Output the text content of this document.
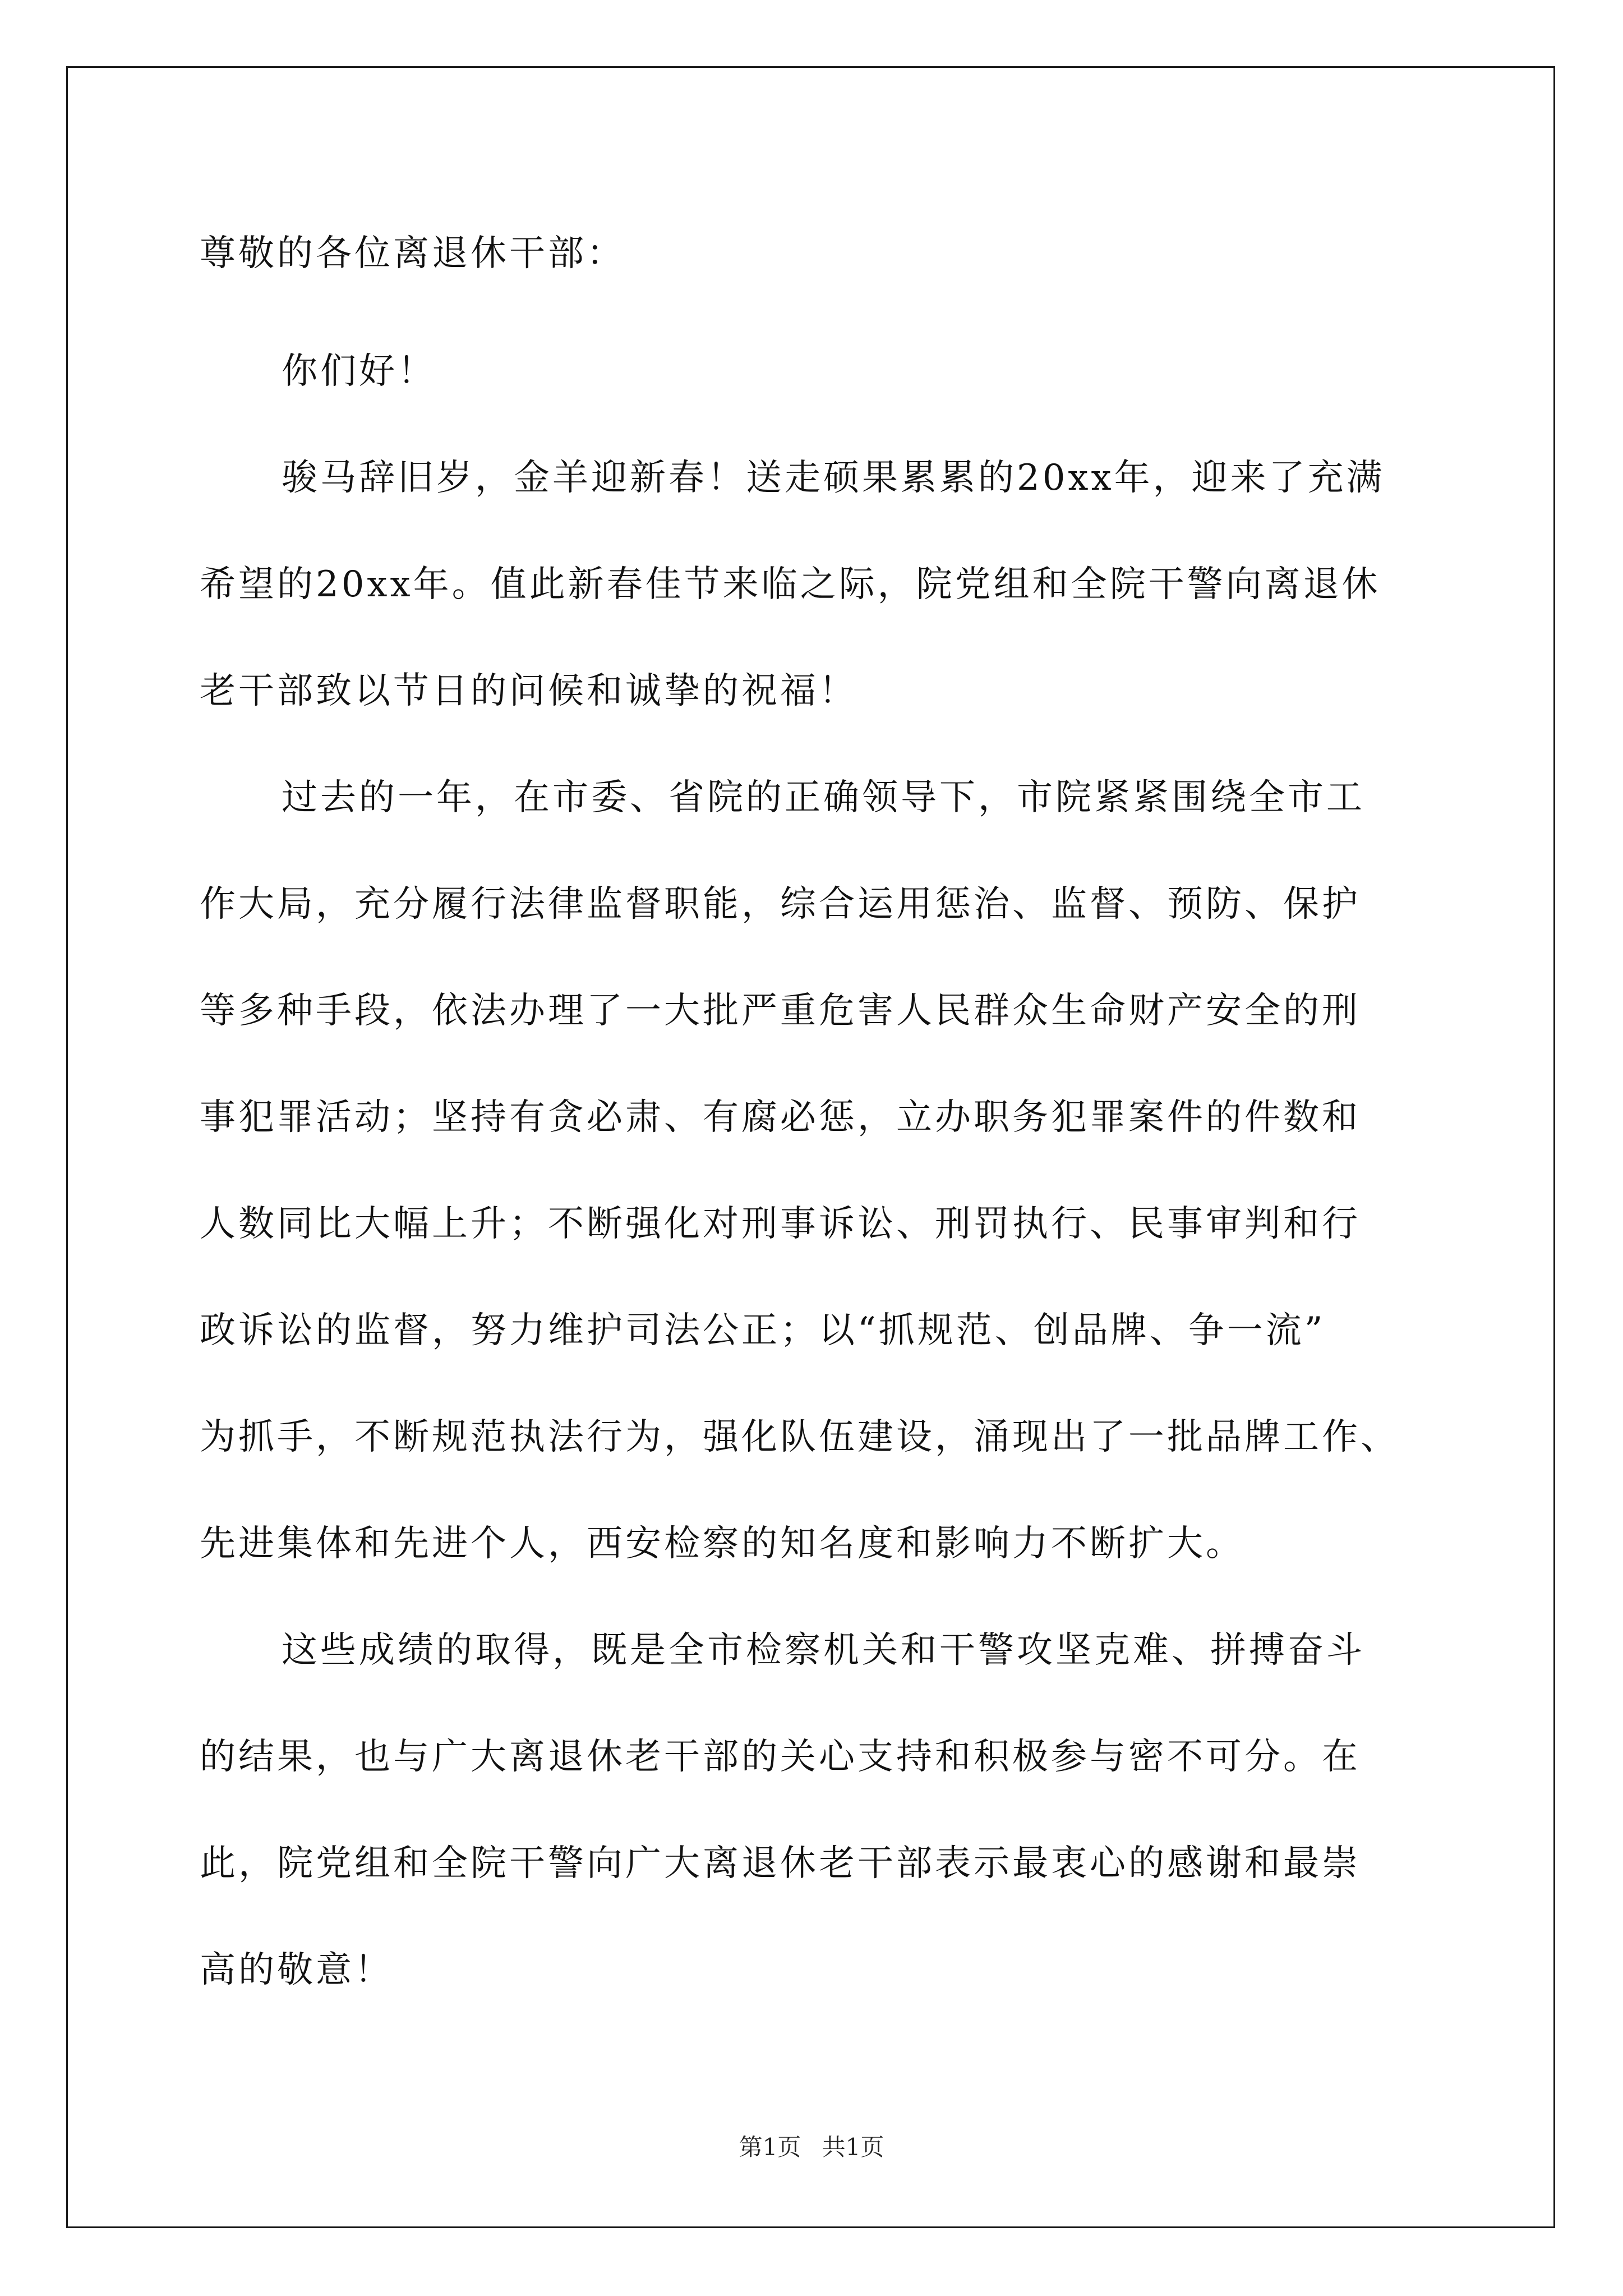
尊敬的各位离退休干部：
你们好！
骏马辞旧岁，金羊迎新春！送走硕果累累的20xx年，迎来了充满
希望的20xx年。值此新春佳节来临之际，院党组和全院干警向离退休
老干部致以节日的问候和诚挚的祝福！
过去的一年，在市委、省院的正确领导下，市院紧紧围绕全市工
作大局，充分履行法律监督职能，综合运用惩治、监督、预防、保护
等多种手段，依法办理了一大批严重危害人民群众生命财产安全的刑
事犯罪活动；坚持有贪必肃、有腐必惩，立办职务犯罪案件的件数和
人数同比大幅上升；不断强化对刑事诉讼、刑罚执行、民事审判和行
政诉讼的监督，努力维护司法公正；以“抓规范、创品牌、争一流”
为抓手，不断规范执法行为，强化队伍建设，涌现出了一批品牌工作、
先进集体和先进个人，西安检察的知名度和影响力不断扩大。
这些成绩的取得，既是全市检察机关和干警攻坚克难、拼搏奋斗
的结果，也与广大离退休老干部的关心支持和积极参与密不可分。在
此，院党组和全院干警向广大离退休老干部表示最衷心的感谢和最崇
高的敬意！
第1页 共1页
